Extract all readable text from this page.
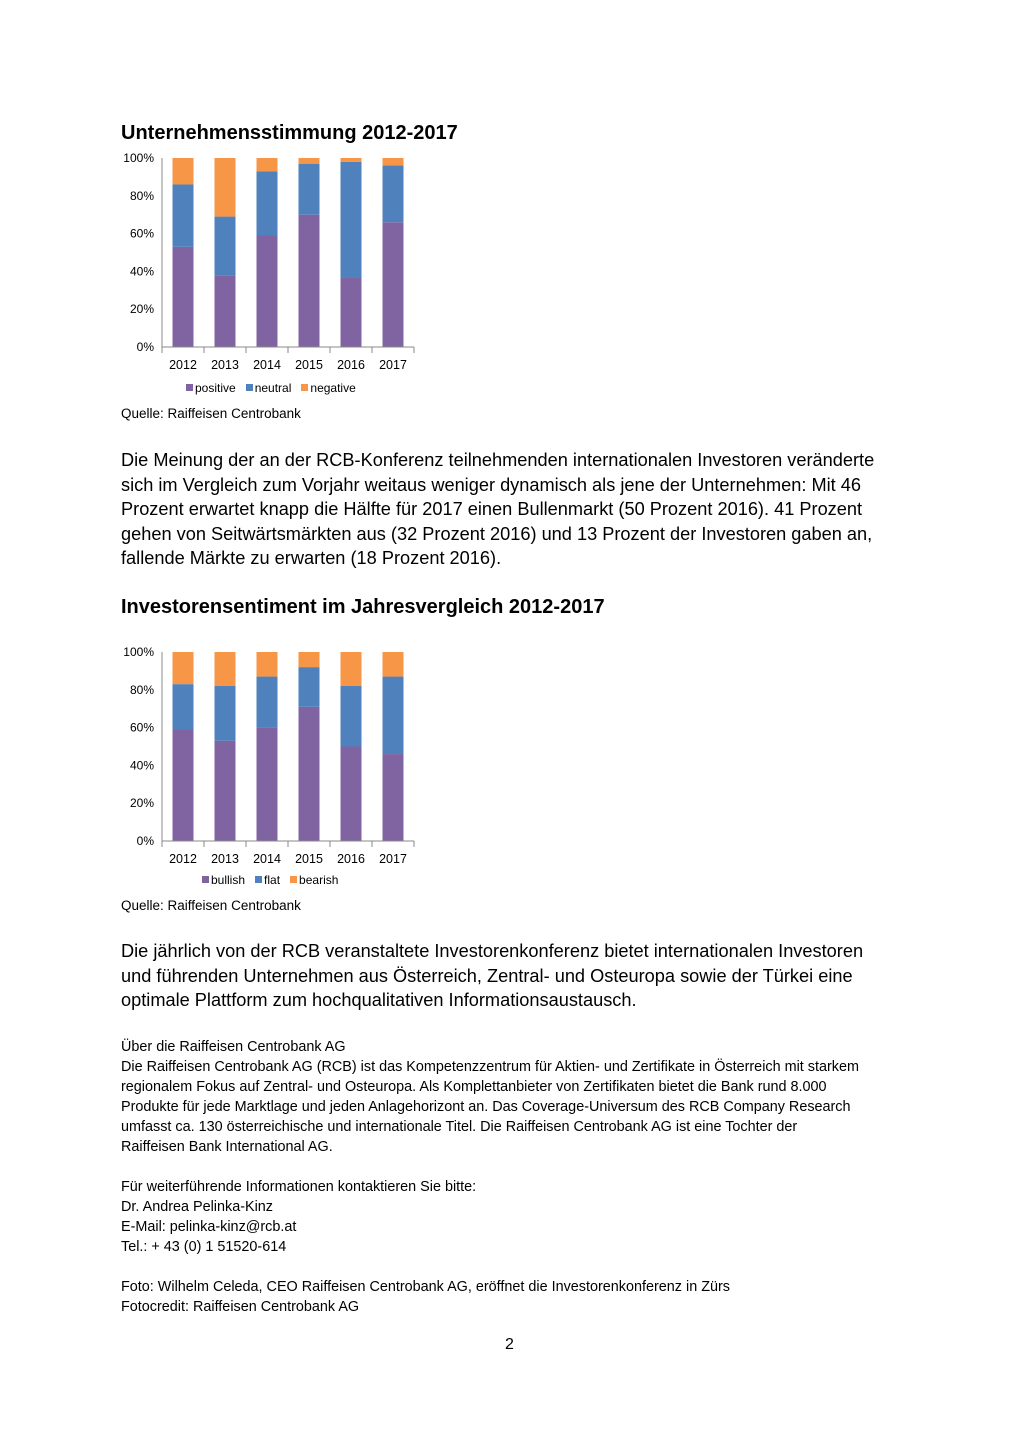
Unternehmensstimmung 2012-2017
0%
20%
40%
60%
80%
100%
2012 2013 2014 2015 2016 2017
positive neutral negative
Quelle: Raiffeisen Centrobank
Die Meinung der an der RCB-Konferenz teilnehmenden internationalen Investoren veränderte sich im Vergleich zum Vorjahr weitaus weniger dynamisch als jene der Unternehmen: Mit 46 Prozent erwartet knapp die Hälfte für 2017 einen Bullenmarkt (50 Prozent 2016). 41 Prozent gehen von Seitwärtsmärkten aus (32 Prozent 2016) und 13 Prozent der Investoren gaben an, fallende Märkte zu erwarten (18 Prozent 2016).
Investorensentiment im Jahresvergleich 2012-2017
0%
20%
40%
60%
80%
100%
2012 2013 2014 2015 2016 2017
bullish flat bearish
Quelle: Raiffeisen Centrobank
Die jährlich von der RCB veranstaltete Investorenkonferenz bietet internationalen Investoren und führenden Unternehmen aus Österreich, Zentral- und Osteuropa sowie der Türkei eine optimale Plattform zum hochqualitativen Informationsaustausch.
Über die Raiffeisen Centrobank AG
Die Raiffeisen Centrobank AG (RCB) ist das Kompetenzzentrum für Aktien- und Zertifikate in Österreich mit starkem
regionalem Fokus auf Zentral- und Osteuropa. Als Komplettanbieter von Zertifikaten bietet die Bank rund 8.000
Produkte für jede Marktlage und jeden Anlagehorizont an. Das Coverage-Universum des RCB Company Research
umfasst ca. 130 österreichische und internationale Titel. Die Raiffeisen Centrobank AG ist eine Tochter der
Raiffeisen Bank International AG.
Für weiterführende Informationen kontaktieren Sie bitte:
Dr. Andrea Pelinka-Kinz
E-Mail: pelinka-kinz@rcb.at
Tel.: + 43 (0) 1 51520-614
Foto: Wilhelm Celeda, CEO Raiffeisen Centrobank AG, eröffnet die Investorenkonferenz in Zürs
Fotocredit: Raiffeisen Centrobank AG
2
